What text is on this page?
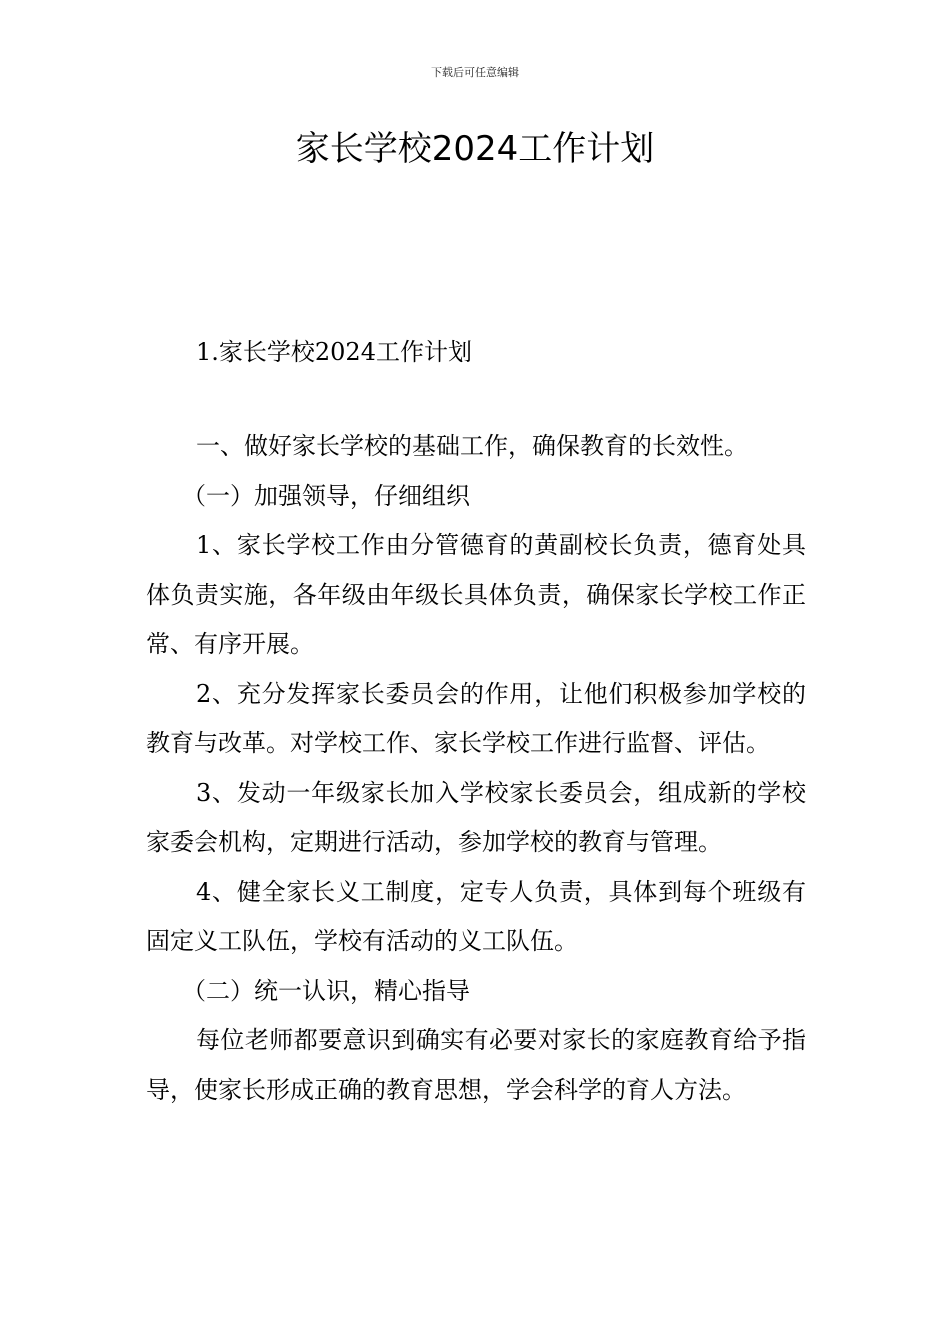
下载后可任意编辑
家长学校2024工作计划
1.家长学校2024工作计划

一、做好家长学校的基础工作，确保教育的长效性。

（一）加强领导，仔细组织

1、家长学校工作由分管德育的黄副校长负责，德育处具体负责实施，各年级由年级长具体负责，确保家长学校工作正常、有序开展。

2、充分发挥家长委员会的作用，让他们积极参加学校的教育与改革。对学校工作、家长学校工作进行监督、评估。

3、发动一年级家长加入学校家长委员会，组成新的学校家委会机构，定期进行活动，参加学校的教育与管理。

4、健全家长义工制度，定专人负责，具体到每个班级有固定义工队伍，学校有活动的义工队伍。

（二）统一认识，精心指导

每位老师都要意识到确实有必要对家长的家庭教育给予指导，使家长形成正确的教育思想，学会科学的育人方法。
